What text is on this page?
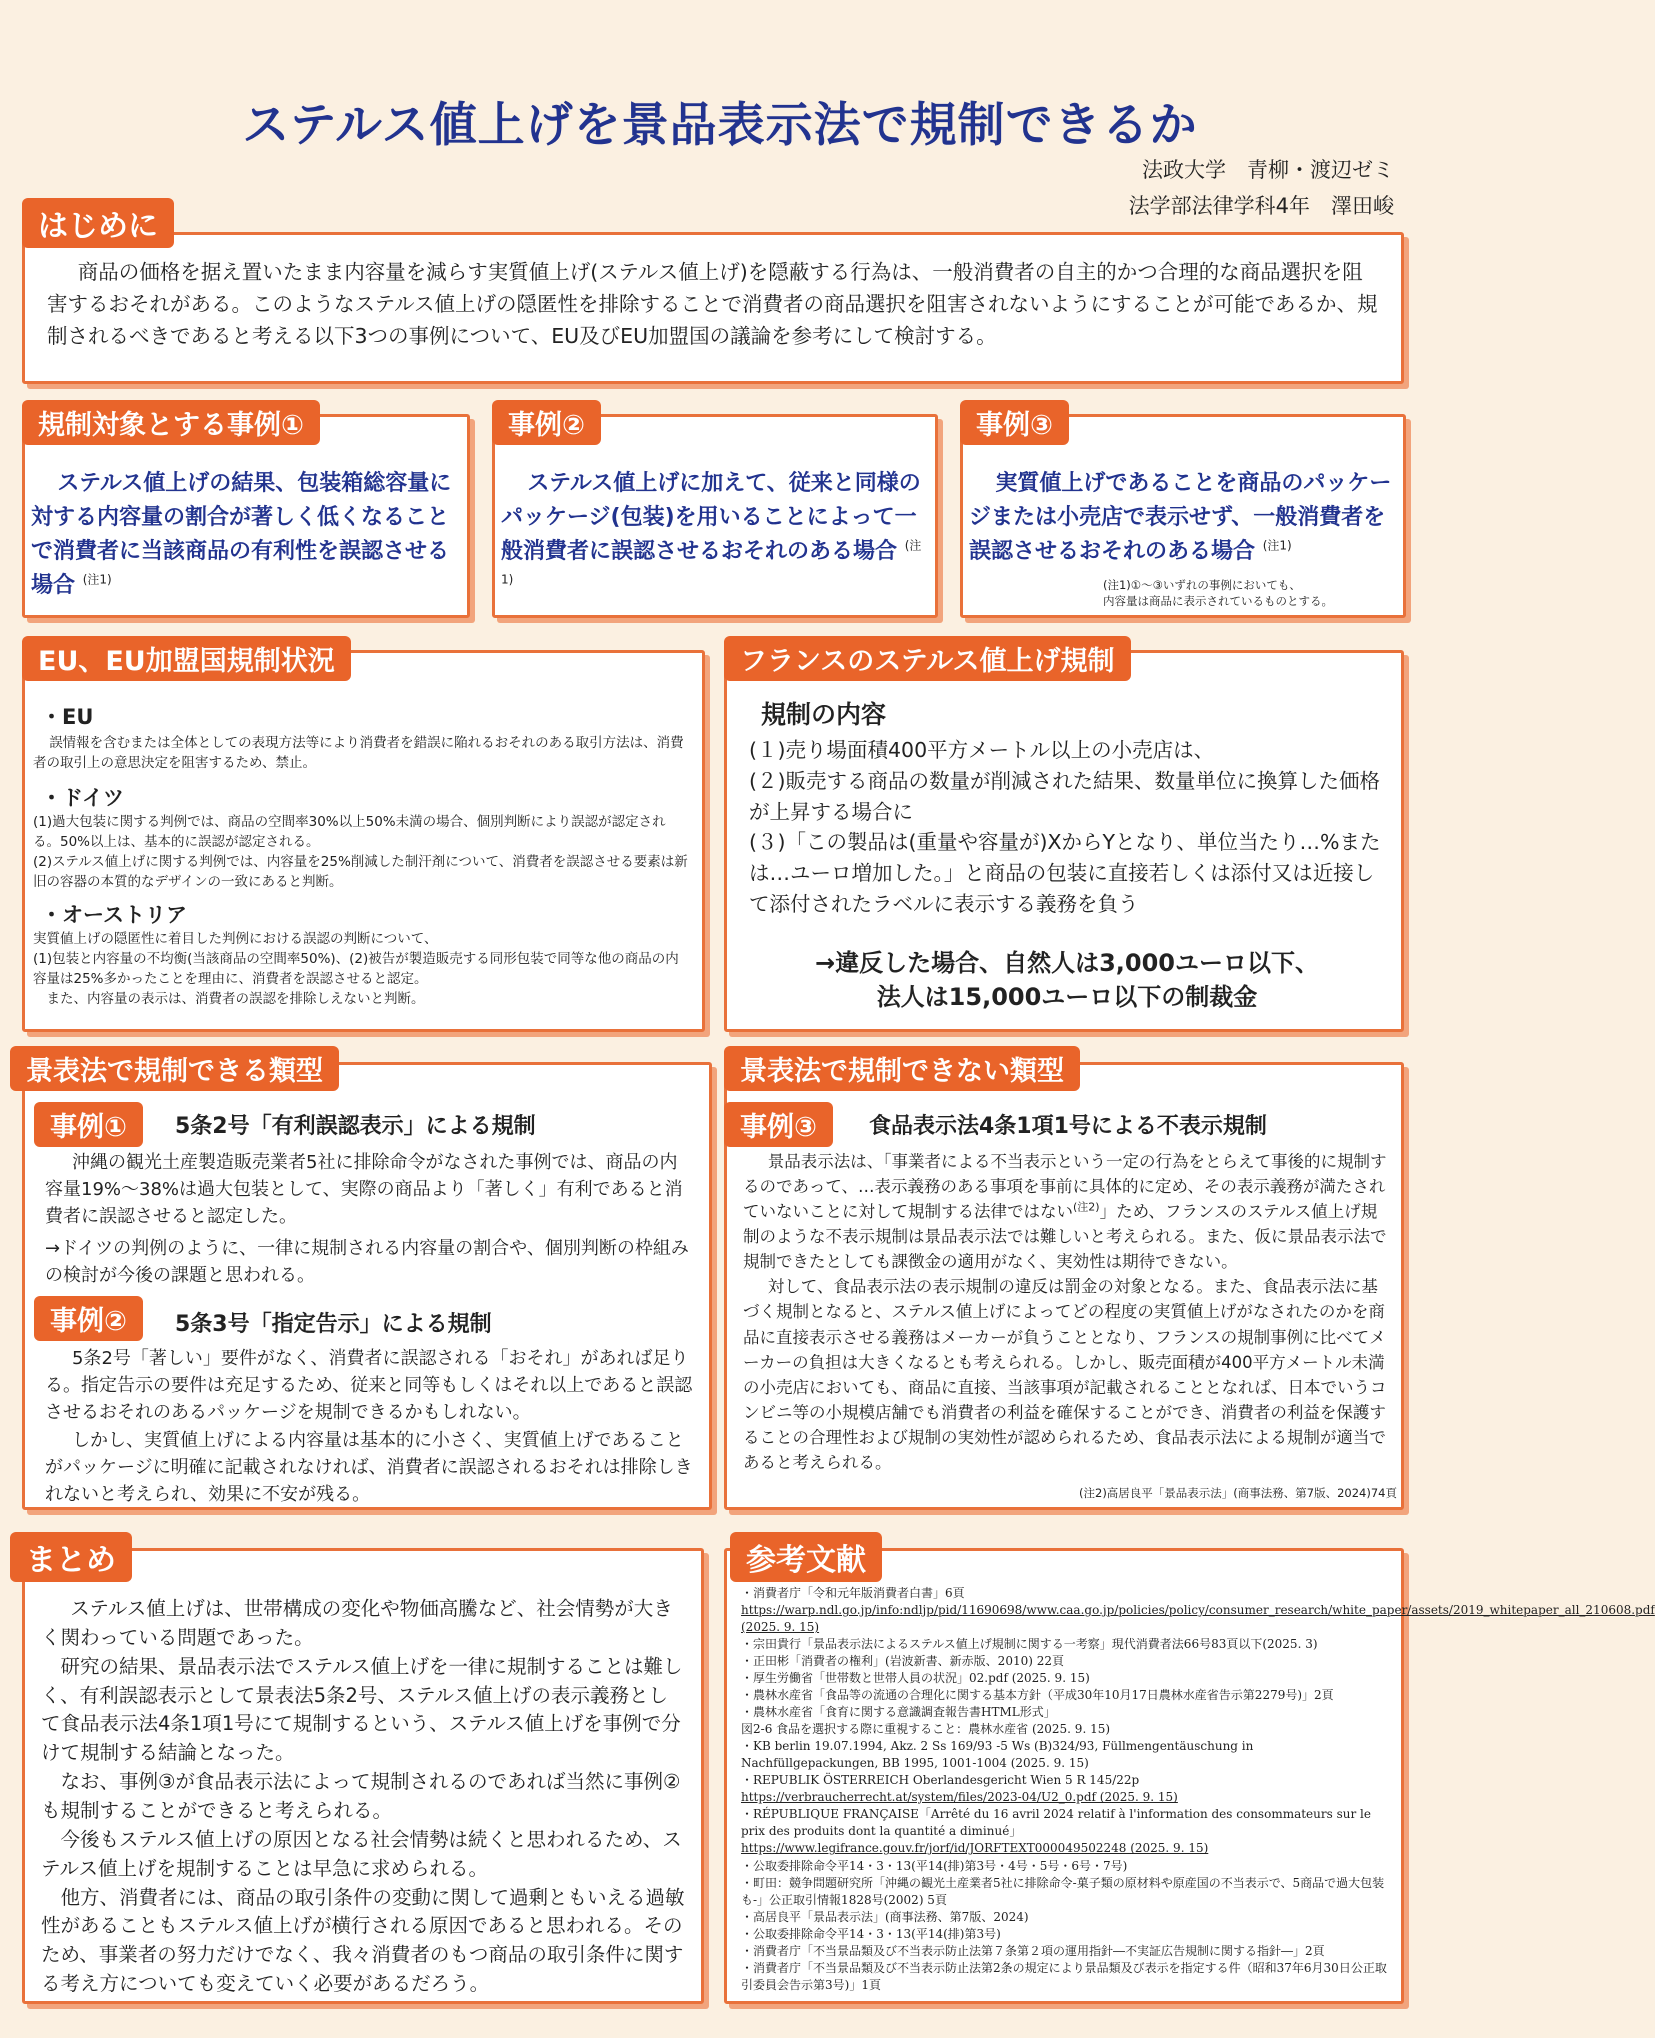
ステルス値上げを景品表示法で規制できるか
法政大学　青柳・渡辺ゼミ
法学部法律学科4年　澤田峻
商品の価格を据え置いたまま内容量を減らす実質値上げ(ステルス値上げ)を隠蔽する行為は、一般消費者の自主的かつ合理的な商品選択を阻害するおそれがある。このようなステルス値上げの隠匿性を排除することで消費者の商品選択を阻害されないようにすることが可能であるか、規制されるべきであると考える以下3つの事例について、EU及びEU加盟国の議論を参考にして検討する。
はじめに
ステルス値上げの結果、包装箱総容量に対する内容量の割合が著しく低くなることで消費者に当該商品の有利性を誤認させる場合 $^{(注1)}$
規制対象とする事例①
ステルス値上げに加えて、従来と同様のパッケージ(包装)を用いることによって一般消費者に誤認させるおそれのある場合 $^{(注1)}$
事例②
実質値上げであることを商品のパッケージまたは小売店で表示せず、一般消費者を誤認させるおそれのある場合 $^{(注1)}$
(注1)①～③いずれの事例においても、
内容量は商品に表示されているものとする。
事例③
・EU
誤情報を含むまたは全体としての表現方法等により消費者を錯誤に陥れるおそれのある取引方法は、消費者の取引上の意思決定を阻害するため、禁止。
・ドイツ
(1)過大包装に関する判例では、商品の空間率30%以上50%未満の場合、個別判断により誤認が認定される。50%以上は、基本的に誤認が認定される。
(2)ステルス値上げに関する判例では、内容量を25%削減した制汗剤について、消費者を誤認させる要素は新旧の容器の本質的なデザインの一致にあると判断。
・オーストリア
実質値上げの隠匿性に着目した判例における誤認の判断について、
(1)包装と内容量の不均衡(当該商品の空間率50%)、(2)被告が製造販売する同形包装で同等な他の商品の内容量は25%多かったことを理由に、消費者を誤認させると認定。
また、内容量の表示は、消費者の誤認を排除しえないと判断。
EU、EU加盟国規制状況
規制の内容
(１)売り場面積400平方メートル以上の小売店は、
(２)販売する商品の数量が削減された結果、数量単位に換算した価格が上昇する場合に
(３)「この製品は(重量や容量が)XからYとなり、単位当たり…%または…ユーロ増加した。」と商品の包装に直接若しくは添付又は近接して添付されたラベルに表示する義務を負う
→違反した場合、自然人は3,000ユーロ以下、
法人は15,000ユーロ以下の制裁金
フランスのステルス値上げ規制
5条2号「有利誤認表示」による規制
沖縄の観光土産製造販売業者5社に排除命令がなされた事例では、商品の内容量19%～38%は過大包装として、実際の商品より「著しく」有利であると消費者に誤認させると認定した。
→ドイツの判例のように、一律に規制される内容量の割合や、個別判断の枠組みの検討が今後の課題と思われる。
5条3号「指定告示」による規制
5条2号「著しい」要件がなく、消費者に誤認される「おそれ」があれば足りる。指定告示の要件は充足するため、従来と同等もしくはそれ以上であると誤認させるおそれのあるパッケージを規制できるかもしれない。
しかし、実質値上げによる内容量は基本的に小さく、実質値上げであることがパッケージに明確に記載されなければ、消費者に誤認されるおそれは排除しきれないと考えられ、効果に不安が残る。
景表法で規制できる類型
事例①
事例②
食品表示法4条1項1号による不表示規制
景品表示法は、「事業者による不当表示という一定の行為をとらえて事後的に規制するのであって、…表示義務のある事項を事前に具体的に定め、その表示義務が満たされていないことに対して規制する法律ではない$^{(注2)}$」ため、フランスのステルス値上げ規制のような不表示規制は景品表示法では難しいと考えられる。また、仮に景品表示法で規制できたとしても課徴金の適用がなく、実効性は期待できない。
対して、食品表示法の表示規制の違反は罰金の対象となる。また、食品表示法に基づく規制となると、ステルス値上げによってどの程度の実質値上げがなされたのかを商品に直接表示させる義務はメーカーが負うこととなり、フランスの規制事例に比べてメーカーの負担は大きくなるとも考えられる。しかし、販売面積が400平方メートル未満の小売店においても、商品に直接、当該事項が記載されることとなれば、日本でいうコンビニ等の小規模店舗でも消費者の利益を確保することができ、消費者の利益を保護することの合理性および規制の実効性が認められるため、食品表示法による規制が適当であると考えられる。
(注2)高居良平「景品表示法」(商事法務、第7版、2024)74頁
景表法で規制できない類型
事例③
ステルス値上げは、世帯構成の変化や物価高騰など、社会情勢が大きく関わっている問題であった。
研究の結果、景品表示法でステルス値上げを一律に規制することは難しく、有利誤認表示として景表法5条2号、ステルス値上げの表示義務として食品表示法4条1項1号にて規制するという、ステルス値上げを事例で分けて規制する結論となった。
なお、事例③が食品表示法によって規制されるのであれば当然に事例②も規制することができると考えられる。
今後もステルス値上げの原因となる社会情勢は続くと思われるため、ステルス値上げを規制することは早急に求められる。
他方、消費者には、商品の取引条件の変動に関して過剰ともいえる過敏性があることもステルス値上げが横行される原因であると思われる。そのため、事業者の努力だけでなく、我々消費者のもつ商品の取引条件に関する考え方についても変えていく必要があるだろう。
まとめ
・消費者庁「令和元年版消費者白書」6頁
https://warp.ndl.go.jp/info:ndljp/pid/11690698/www.caa.go.jp/policies/policy/consumer_research/white_paper/assets/2019_whitepaper_all_210608.pdf (2025. 9. 15)
・宗田貴行「景品表示法によるステルス値上げ規制に関する一考察」現代消費者法66号83頁以下(2025. 3)
・正田彬「消費者の権利」(岩波新書、新赤版、2010) 22頁
・厚生労働省「世帯数と世帯人員の状況」02.pdf (2025. 9. 15)
・農林水産省「食品等の流通の合理化に関する基本方針（平成30年10月17日農林水産省告示第2279号)」2頁
・農林水産省「食育に関する意識調査報告書HTML形式」
図2-6 食品を選択する際に重視すること：農林水産省 (2025. 9. 15)
・KB berlin 19.07.1994, Akz. 2 Ss 169/93 -5 Ws (B)324/93, Füllmengentäuschung in Nachfüllgepackungen, BB 1995, 1001-1004 (2025. 9. 15)
・REPUBLIK ÖSTERREICH Oberlandesgericht Wien 5 R 145/22p
https://verbraucherrecht.at/system/files/2023-04/U2_0.pdf (2025. 9. 15)
・RÉPUBLIQUE FRANÇAISE「Arrêté du 16 avril 2024 relatif à l'information des consommateurs sur le prix des produits dont la quantité a diminué」
https://www.legifrance.gouv.fr/jorf/id/JORFTEXT000049502248 (2025. 9. 15)
・公取委排除命令平14・3・13(平14(排)第3号・4号・5号・6号・7号)
・町田：競争問題研究所「沖縄の観光土産業者5社に排除命令-菓子類の原材料や原産国の不当表示で、5商品で過大包装も-」公正取引情報1828号(2002) 5頁
・高居良平「景品表示法」(商事法務、第7版、2024)
・公取委排除命令平14・3・13(平14(排)第3号)
・消費者庁「不当景品類及び不当表示防止法第７条第２項の運用指針―不実証広告規制に関する指針―」2頁
・消費者庁「不当景品類及び不当表示防止法第2条の規定により景品類及び表示を指定する件（昭和37年6月30日公正取引委員会告示第3号)」1頁
参考文献
